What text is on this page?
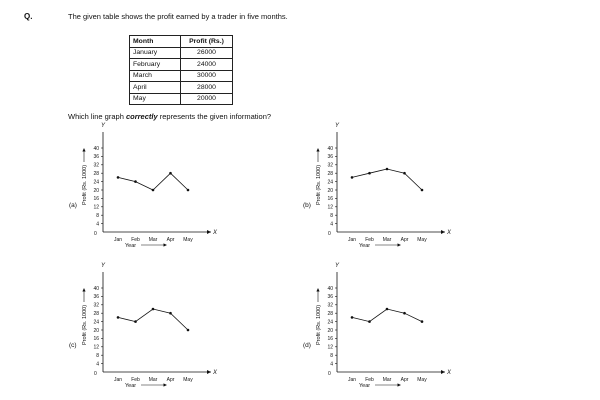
Q.	The given table shows the profit earned by a trader in five months.
Month	Profit (Rs.)
January	26000
February	24000
March	30000
April	28000
May	20000
Which line graph correctly represents the given information?
X
Y
0
4
8
12
16
20
24
28
32
36
40
Jan Feb Mar Apr May
Year
Profit (Rs. 1000)
(a)
X
Y
0
4
8
12
16
20
24
28
32
36
40
Jan Feb Mar Apr May
Year
Profit (Rs. 1000)
(b)
X
Y
0
4
8
12
16
20
24
28
32
36
40
Jan Feb Mar Apr May
Year
Profit (Rs. 1000)
(c)
X
Y
0
4
8
12
16
20
24
28
32
36
40
Jan Feb Mar Apr May
Year
Profit (Rs. 1000)
(d)
